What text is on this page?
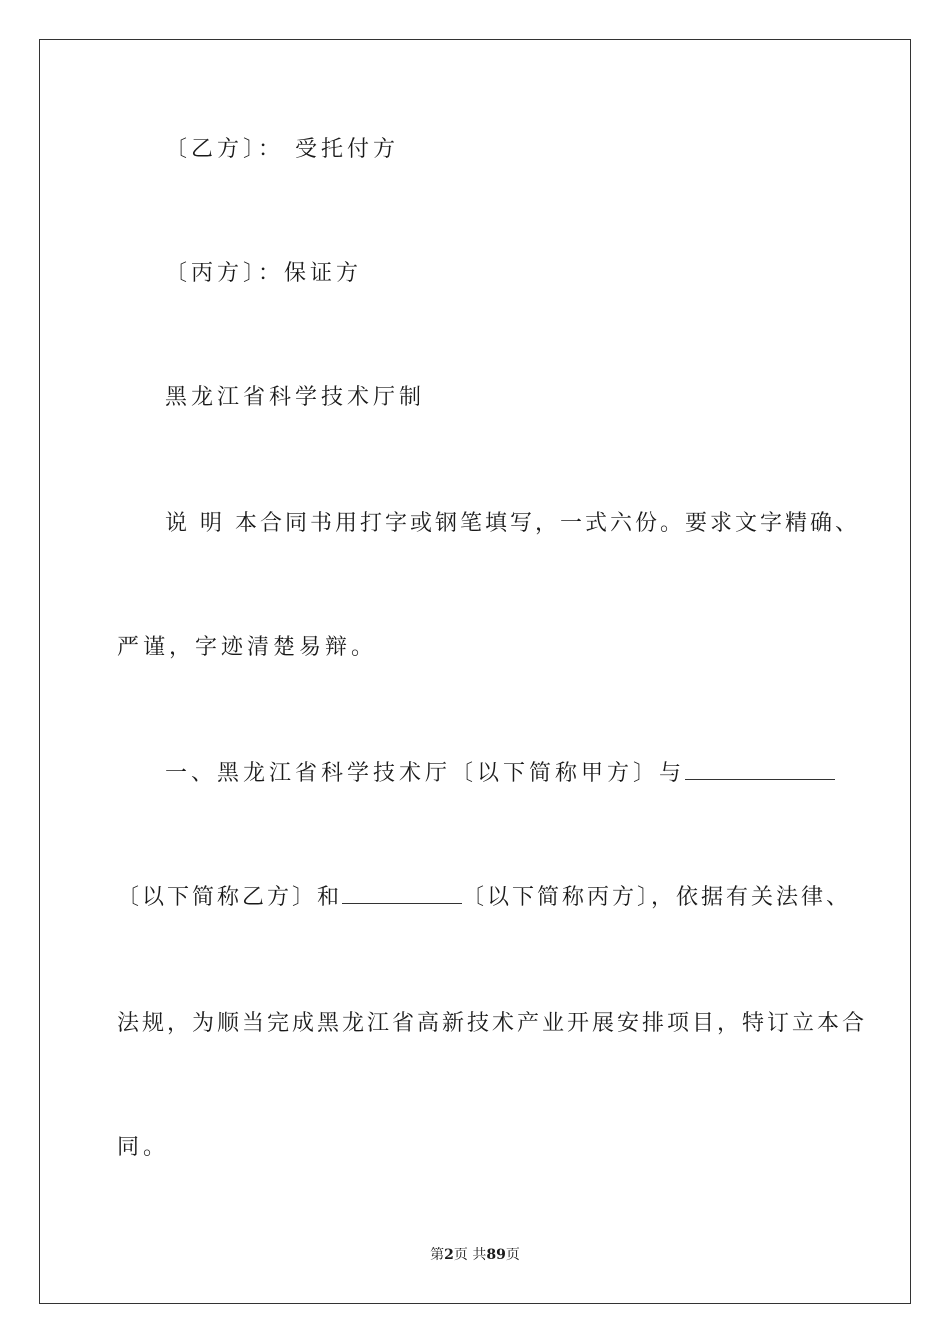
〔乙方〕： 受托付方
〔丙方〕：保证方
黑龙江省科学技术厅制
说 明 本合同书用打字或钢笔填写，一式六份。要求文字精确、
严谨，字迹清楚易辩。
一、黑龙江省科学技术厅〔以下简称甲方〕与
〔以下简称乙方〕和	〔以下简称丙方〕，依据有关法律、
法规，为顺当完成黑龙江省高新技术产业开展安排项目，特订立本合
同。
第2页 共89页
